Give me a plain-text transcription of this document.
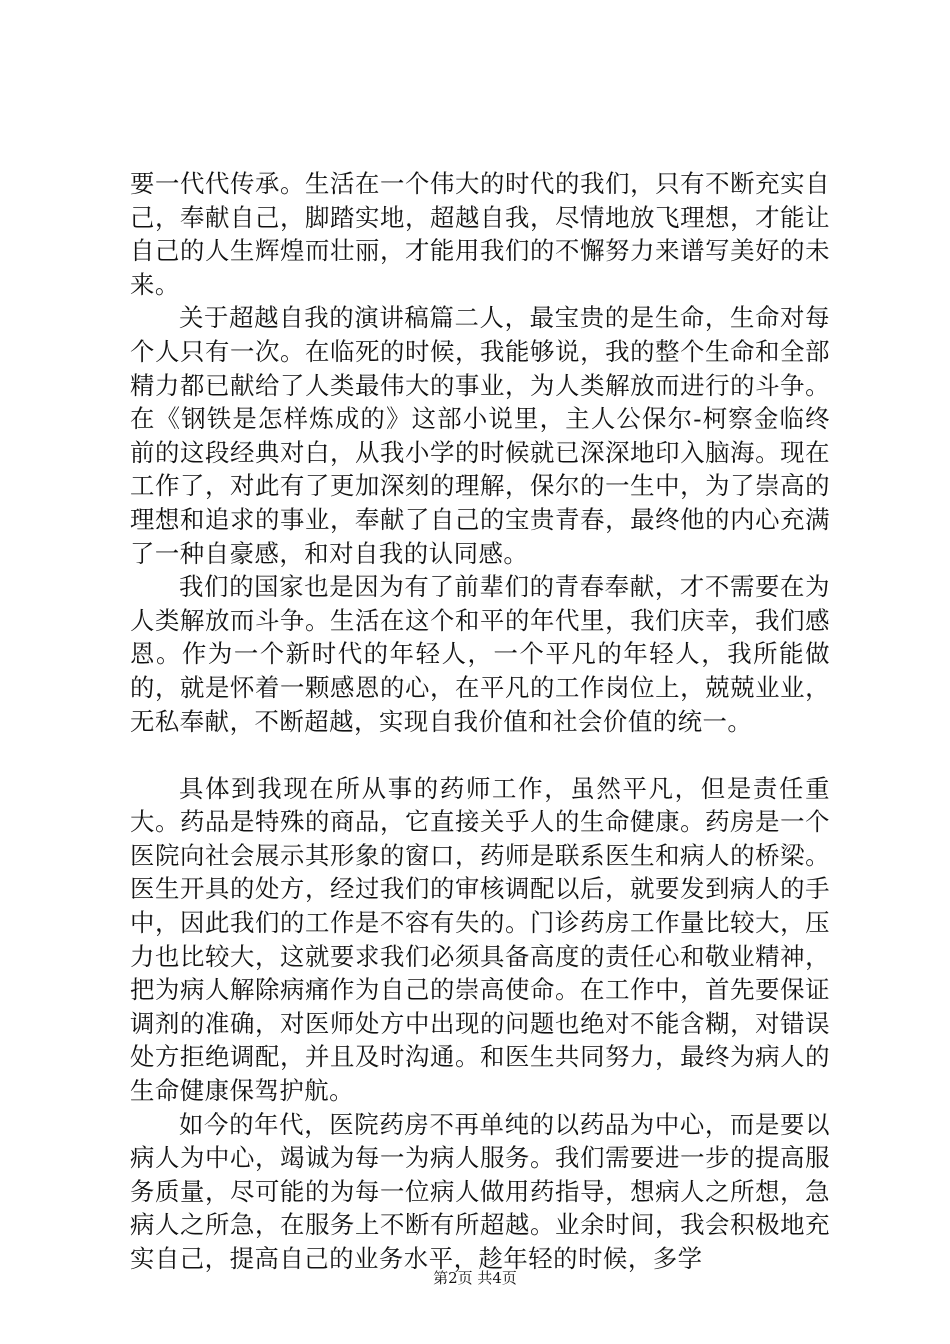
要一代代传承。生活在一个伟大的时代的我们，只有不断充实自己，奉献自己，脚踏实地，超越自我，尽情地放飞理想，才能让自己的人生辉煌而壮丽，才能用我们的不懈努力来谱写美好的未来。

关于超越自我的演讲稿篇二人，最宝贵的是生命，生命对每个人只有一次。在临死的时候，我能够说，我的整个生命和全部精力都已献给了人类最伟大的事业，为人类解放而进行的斗争。在《钢铁是怎样炼成的》这部小说里，主人公保尔-柯察金临终前的这段经典对白，从我小学的时候就已深深地印入脑海。现在工作了，对此有了更加深刻的理解，保尔的一生中，为了崇高的理想和追求的事业，奉献了自己的宝贵青春，最终他的内心充满了一种自豪感，和对自我的认同感。

我们的国家也是因为有了前辈们的青春奉献，才不需要在为人类解放而斗争。生活在这个和平的年代里，我们庆幸，我们感恩。作为一个新时代的年轻人，一个平凡的年轻人，我所能做的，就是怀着一颗感恩的心，在平凡的工作岗位上，兢兢业业，无私奉献，不断超越，实现自我价值和社会价值的统一。

具体到我现在所从事的药师工作，虽然平凡，但是责任重大。药品是特殊的商品，它直接关乎人的生命健康。药房是一个医院向社会展示其形象的窗口，药师是联系医生和病人的桥梁。医生开具的处方，经过我们的审核调配以后，就要发到病人的手中，因此我们的工作是不容有失的。门诊药房工作量比较大，压力也比较大，这就要求我们必须具备高度的责任心和敬业精神，把为病人解除病痛作为自己的崇高使命。在工作中，首先要保证调剂的准确，对医师处方中出现的问题也绝对不能含糊，对错误处方拒绝调配，并且及时沟通。和医生共同努力，最终为病人的生命健康保驾护航。

如今的年代，医院药房不再单纯的以药品为中心，而是要以病人为中心，竭诚为每一为病人服务。我们需要进一步的提高服务质量，尽可能的为每一位病人做用药指导，想病人之所想，急病人之所急，在服务上不断有所超越。业余时间，我会积极地充实自己，提高自己的业务水平，趁年轻的时候，多学

第2页 共4页
